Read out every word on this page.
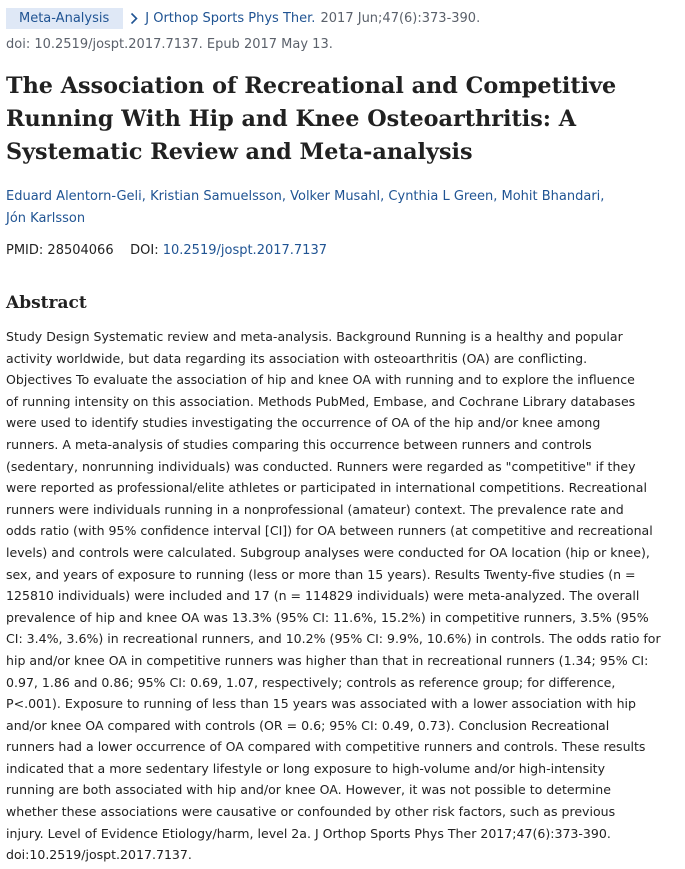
Meta-Analysis	J Orthop Sports Phys Ther.
2017 Jun;47(6):373-390.
doi: 10.2519/jospt.2017.7137. Epub 2017 May 13.
The Association of Recreational and Competitive
Running With Hip and Knee Osteoarthritis: A
Systematic Review and Meta-analysis
Eduard Alentorn-Geli, Kristian Samuelsson, Volker Musahl, Cynthia L Green, Mohit Bhandari,
Jón Karlsson
PMID: 28504066 DOI: 10.2519/jospt.2017.7137
Abstract
Study Design Systematic review and meta-analysis. Background Running is a healthy and popular
activity worldwide, but data regarding its association with osteoarthritis (OA) are conflicting.
Objectives To evaluate the association of hip and knee OA with running and to explore the influence
of running intensity on this association. Methods PubMed, Embase, and Cochrane Library databases
were used to identify studies investigating the occurrence of OA of the hip and/or knee among
runners. A meta-analysis of studies comparing this occurrence between runners and controls
(sedentary, nonrunning individuals) was conducted. Runners were regarded as "competitive" if they
were reported as professional/elite athletes or participated in international competitions. Recreational
runners were individuals running in a nonprofessional (amateur) context. The prevalence rate and
odds ratio (with 95% confidence interval [CI]) for OA between runners (at competitive and recreational
levels) and controls were calculated. Subgroup analyses were conducted for OA location (hip or knee),
sex, and years of exposure to running (less or more than 15 years). Results Twenty-five studies (n =
125810 individuals) were included and 17 (n = 114829 individuals) were meta-analyzed. The overall
prevalence of hip and knee OA was 13.3% (95% CI: 11.6%, 15.2%) in competitive runners, 3.5% (95%
CI: 3.4%, 3.6%) in recreational runners, and 10.2% (95% CI: 9.9%, 10.6%) in controls. The odds ratio for
hip and/or knee OA in competitive runners was higher than that in recreational runners (1.34; 95% CI:
0.97, 1.86 and 0.86; 95% CI: 0.69, 1.07, respectively; controls as reference group; for difference,
P<.001). Exposure to running of less than 15 years was associated with a lower association with hip
and/or knee OA compared with controls (OR = 0.6; 95% CI: 0.49, 0.73). Conclusion Recreational
runners had a lower occurrence of OA compared with competitive runners and controls. These results
indicated that a more sedentary lifestyle or long exposure to high-volume and/or high-intensity
running are both associated with hip and/or knee OA. However, it was not possible to determine
whether these associations were causative or confounded by other risk factors, such as previous
injury. Level of Evidence Etiology/harm, level 2a. J Orthop Sports Phys Ther 2017;47(6):373-390.
doi:10.2519/jospt.2017.7137.
